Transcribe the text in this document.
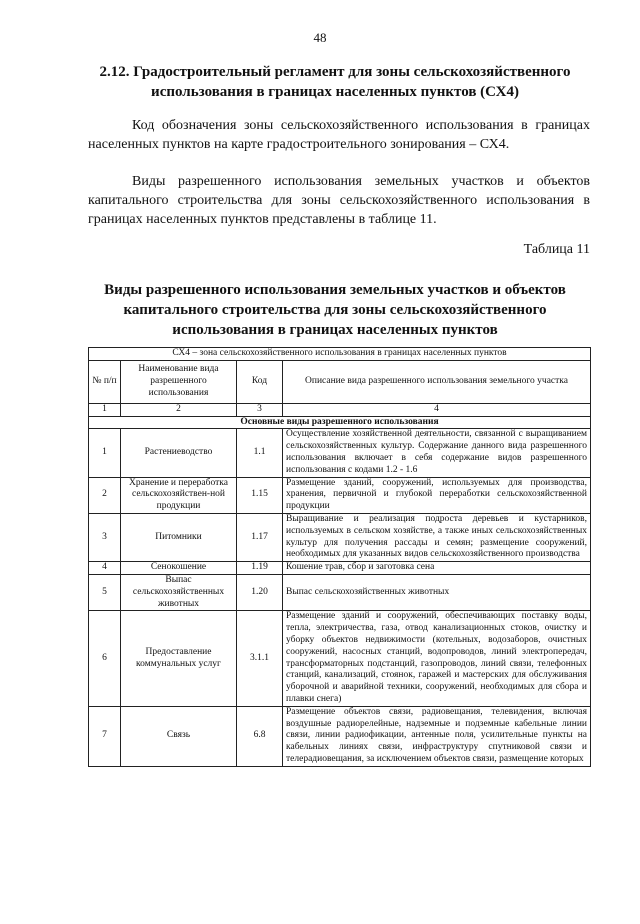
48
2.12. Градостроительный регламент для зоны сельскохозяйственного использования в границах населенных пунктов (СХ4)
Код обозначения зоны сельскохозяйственного использования в границах населенных пунктов на карте градостроительного зонирования – СХ4.
Виды разрешенного использования земельных участков и объектов капитального строительства для зоны сельскохозяйственного использования в границах населенных пунктов представлены в таблице 11.
Таблица 11
Виды разрешенного использования земельных участков и объектов капитального строительства для зоны сельскохозяйственного использования в границах населенных пунктов
СХ4 – зона сельскохозяйственного использования в границах населенных пунктов			
№ п/п	Наименование вида разрешенного использования	Код	Описание вида разрешенного использования земельного участка
1	2	3	4
Основные виды разрешенного использования			
1	Растениеводство	1.1	Осуществление хозяйственной деятельности, связанной с выращиванием сельскохозяйственных культур. Содержание данного вида разрешенного использования включает в себя содержание видов разрешенного использования с кодами 1.2 - 1.6
2	Хранение и переработка сельскохозяйствен-ной продукции	1.15	Размещение зданий, сооружений, используемых для производства, хранения, первичной и глубокой переработки сельскохозяйственной продукции
3	Питомники	1.17	Выращивание и реализация подроста деревьев и кустарников, используемых в сельском хозяйстве, а также иных сельскохозяйственных культур для получения рассады и семян; размещение сооружений, необходимых для указанных видов сельскохозяйственного производства
4	Сенокошение	1.19	Кошение трав, сбор и заготовка сена
5	Выпас сельскохозяйственных животных	1.20	Выпас сельскохозяйственных животных
6	Предоставление коммунальных услуг	3.1.1	Размещение зданий и сооружений, обеспечивающих поставку воды, тепла, электричества, газа, отвод канализационных стоков, очистку и уборку объектов недвижимости (котельных, водозаборов, очистных сооружений, насосных станций, водопроводов, линий электропередач, трансформаторных подстанций, газопроводов, линий связи, телефонных станций, канализаций, стоянок, гаражей и мастерских для обслуживания уборочной и аварийной техники, сооружений, необходимых для сбора и плавки снега)
7	Связь	6.8	Размещение объектов связи, радиовещания, телевидения, включая воздушные радиорелейные, надземные и подземные кабельные линии связи, линии радиофикации, антенные поля, усилительные пункты на кабельных линиях связи, инфраструктуру спутниковой связи и телерадиовещания, за исключением объектов связи, размещение которых
